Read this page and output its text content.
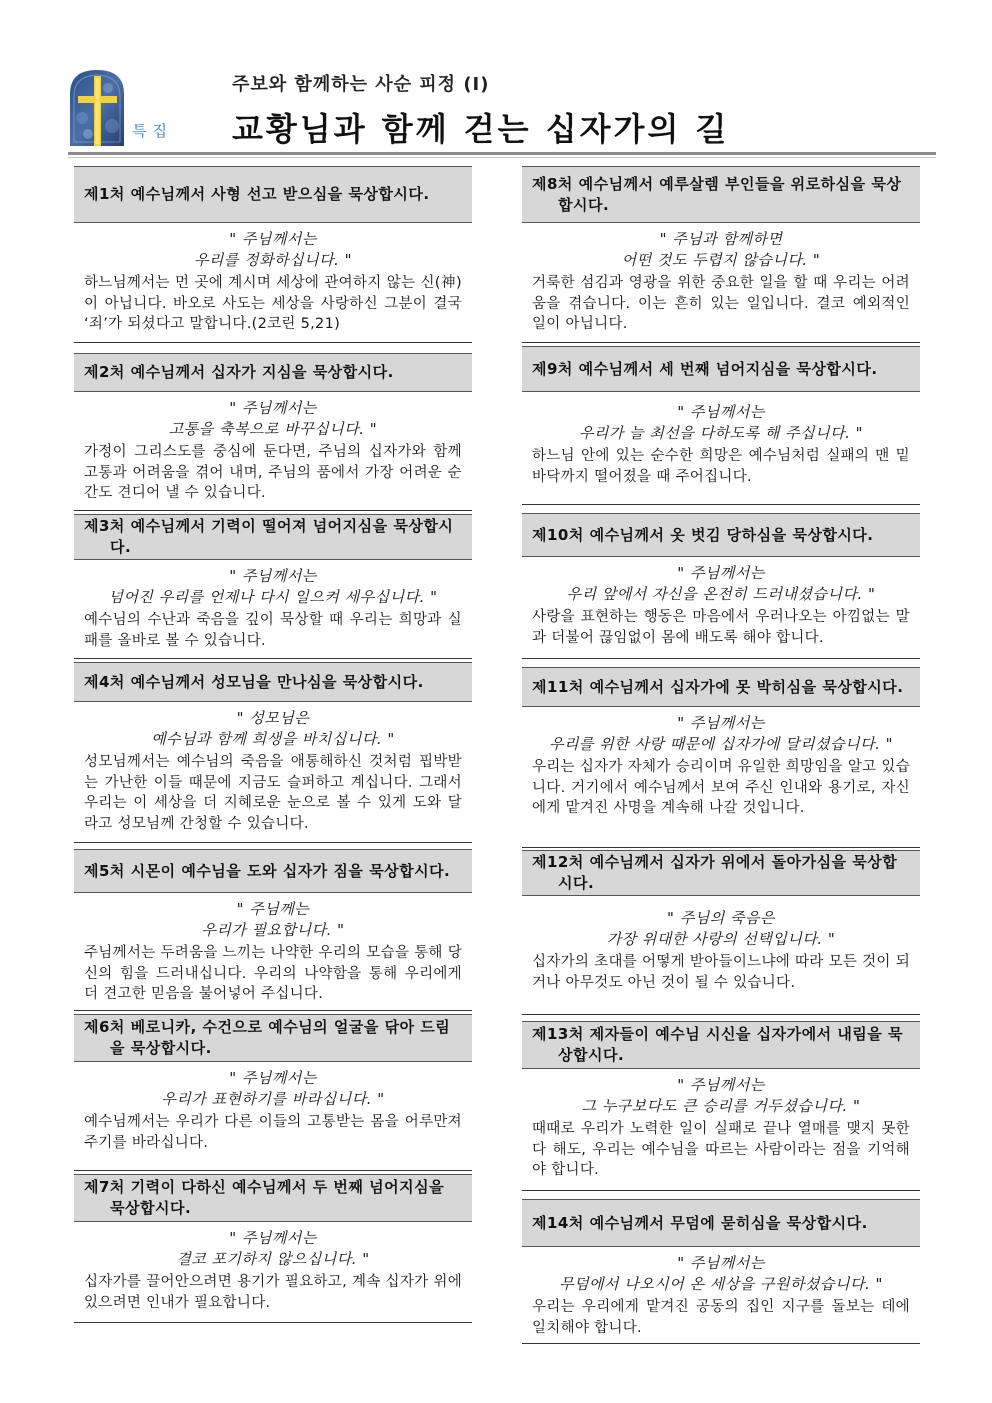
특집
주보와 함께하는 사순 피정 (I)
교황님과 함께 걷는 십자가의 길
제1처 예수님께서 사형 선고 받으심을 묵상합시다.
" 주님께서는
우리를 정화하십니다. "
하느님께서는 먼 곳에 계시며 세상에 관여하지 않는 신(神)이 아닙니다. 바오로 사도는 세상을 사랑하신 그분이 결국 ‘죄’가 되셨다고 말합니다.(2코린 5,21)
제2처 예수님께서 십자가 지심을 묵상합시다.
" 주님께서는
고통을 축복으로 바꾸십니다. "
가정이 그리스도를 중심에 둔다면, 주님의 십자가와 함께 고통과 어려움을 겪어 내며, 주님의 품에서 가장 어려운 순간도 견디어 낼 수 있습니다.
제3처 예수님께서 기력이 떨어져 넘어지심을 묵상합시다.
" 주님께서는
넘어진 우리를 언제나 다시 일으켜 세우십니다. "
예수님의 수난과 죽음을 깊이 묵상할 때 우리는 희망과 실패를 올바로 볼 수 있습니다.
제4처 예수님께서 성모님을 만나심을 묵상합시다.
" 성모님은
예수님과 함께 희생을 바치십니다. "
성모님께서는 예수님의 죽음을 애통해하신 것처럼 핍박받는 가난한 이들 때문에 지금도 슬퍼하고 계십니다. 그래서 우리는 이 세상을 더 지혜로운 눈으로 볼 수 있게 도와 달라고 성모님께 간청할 수 있습니다.
제5처 시몬이 예수님을 도와 십자가 짐을 묵상합시다.
" 주님께는
우리가 필요합니다. "
주님께서는 두려움을 느끼는 나약한 우리의 모습을 통해 당신의 힘을 드러내십니다. 우리의 나약함을 통해 우리에게 더 견고한 믿음을 불어넣어 주십니다.
제6처 베로니카, 수건으로 예수님의 얼굴을 닦아 드림을 묵상합시다.
" 주님께서는
우리가 표현하기를 바라십니다. "
예수님께서는 우리가 다른 이들의 고통받는 몸을 어루만져 주기를 바라십니다.
제7처 기력이 다하신 예수님께서 두 번째 넘어지심을 묵상합시다.
" 주님께서는
결코 포기하지 않으십니다. "
십자가를 끌어안으려면 용기가 필요하고, 계속 십자가 위에 있으려면 인내가 필요합니다.
제8처 예수님께서 예루살렘 부인들을 위로하심을 묵상합시다.
" 주님과 함께하면
어떤 것도 두렵지 않습니다. "
거룩한 섬김과 영광을 위한 중요한 일을 할 때 우리는 어려움을 겪습니다. 이는 흔히 있는 일입니다. 결코 예외적인 일이 아닙니다.
제9처 예수님께서 세 번째 넘어지심을 묵상합시다.
" 주님께서는
우리가 늘 최선을 다하도록 해 주십니다. "
하느님 안에 있는 순수한 희망은 예수님처럼 실패의 맨 밑바닥까지 떨어졌을 때 주어집니다.
제10처 예수님께서 옷 벗김 당하심을 묵상합시다.
" 주님께서는
우리 앞에서 자신을 온전히 드러내셨습니다. "
사랑을 표현하는 행동은 마음에서 우러나오는 아낌없는 말과 더불어 끊임없이 몸에 배도록 해야 합니다.
제11처 예수님께서 십자가에 못 박히심을 묵상합시다.
" 주님께서는
우리를 위한 사랑 때문에 십자가에 달리셨습니다. "
우리는 십자가 자체가 승리이며 유일한 희망임을 알고 있습니다. 거기에서 예수님께서 보여 주신 인내와 용기로, 자신에게 맡겨진 사명을 계속해 나갈 것입니다.
제12처 예수님께서 십자가 위에서 돌아가심을 묵상합시다.
" 주님의 죽음은
가장 위대한 사랑의 선택입니다. "
십자가의 초대를 어떻게 받아들이느냐에 따라 모든 것이 되거나 아무것도 아닌 것이 될 수 있습니다.
제13처 제자들이 예수님 시신을 십자가에서 내림을 묵상합시다.
" 주님께서는
그 누구보다도 큰 승리를 거두셨습니다. "
때때로 우리가 노력한 일이 실패로 끝나 열매를 맺지 못한다 해도, 우리는 예수님을 따르는 사람이라는 점을 기억해야 합니다.
제14처 예수님께서 무덤에 묻히심을 묵상합시다.
" 주님께서는
무덤에서 나오시어 온 세상을 구원하셨습니다. "
우리는 우리에게 맡겨진 공동의 집인 지구를 돌보는 데에 일치해야 합니다.
